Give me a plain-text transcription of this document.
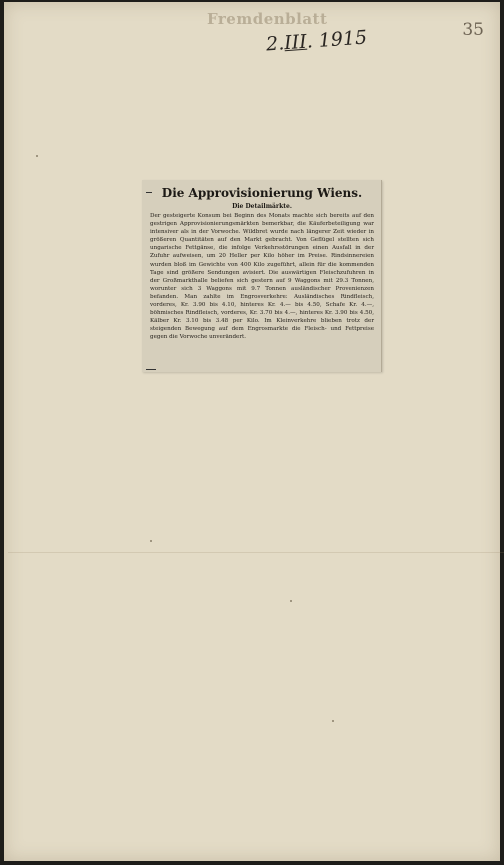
Fremdenblatt
2.III. 1915	35

Die Approvisionierung Wiens.

Die Detailmärkte.

Der gesteigerte Konsum bei Beginn des Monats machte sich bereits auf den gestrigen Approvisionierungsmärkten bemerkbar, die Käuferbeteiligung war intensiver als in der Vorwoche. Wildbret wurde nach längerer Zeit wieder in größeren Quantitäten auf den Markt gebracht. Von Geflügel stellten sich ungarische Fettgänse, die infolge Verkehrsstörungen einen Ausfall in der Zufuhr aufweisen, um 20 Heller per Kilo höher im Preise. Rindsinnereien wurden bloß im Gewichte von 400 Kilo zugeführt, allein für die kommenden Tage sind größere Sendungen avisiert. Die auswärtigen Fleischzufuhren in der Großmarkthalle beliefen sich gestern auf 9 Waggons mit 29.3 Tonnen, worunter sich 3 Waggons mit 9.7 Tonnen ausländischer Provenienzen befanden. Man zahlte im Engrosverkehre: Ausländisches Rindfleisch, vorderes, Kr. 3.90 bis 4.10, hinteres Kr. 4.— bis 4.50, Schafe Kr. 4.—, böhmisches Rindfleisch, vorderes, Kr. 3.70 bis 4.—, hinteres Kr. 3.90 bis 4.50, Kälber Kr. 3.10 bis 3.48 per Kilo. Im Kleinverkehre blieben trotz der steigenden Bewegung auf dem Engrosmarkte die Fleisch- und Fettpreise gegen die Vorwoche unverändert.
